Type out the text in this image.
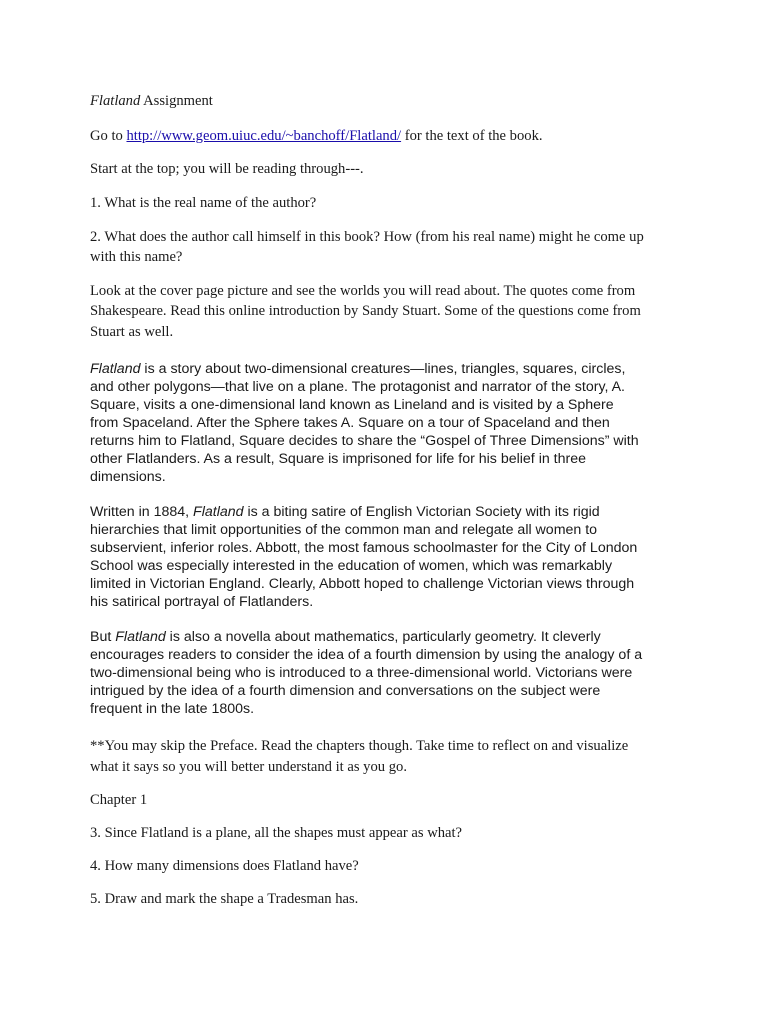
Flatland Assignment

Go to http://www.geom.uiuc.edu/~banchoff/Flatland/ for the text of the book.

Start at the top; you will be reading through---.

1. What is the real name of the author?

2. What does the author call himself in this book? How (from his real name) might he come up

with this name?

Look at the cover page picture and see the worlds you will read about. The quotes come from

Shakespeare. Read this online introduction by Sandy Stuart. Some of the questions come from

Stuart as well.

Flatland is a story about two-dimensional creatures—lines, triangles, squares, circles,

and other polygons—that live on a plane. The protagonist and narrator of the story, A.

Square, visits a one-dimensional land known as Lineland and is visited by a Sphere

from Spaceland. After the Sphere takes A. Square on a tour of Spaceland and then

returns him to Flatland, Square decides to share the “Gospel of Three Dimensions” with

other Flatlanders. As a result, Square is imprisoned for life for his belief in three

dimensions.

Written in 1884, Flatland is a biting satire of English Victorian Society with its rigid

hierarchies that limit opportunities of the common man and relegate all women to

subservient, inferior roles. Abbott, the most famous schoolmaster for the City of London

School was especially interested in the education of women, which was remarkably

limited in Victorian England. Clearly, Abbott hoped to challenge Victorian views through

his satirical portrayal of Flatlanders.

But Flatland is also a novella about mathematics, particularly geometry. It cleverly

encourages readers to consider the idea of a fourth dimension by using the analogy of a

two-dimensional being who is introduced to a three-dimensional world. Victorians were

intrigued by the idea of a fourth dimension and conversations on the subject were

frequent in the late 1800s.

**You may skip the Preface. Read the chapters though. Take time to reflect on and visualize

what it says so you will better understand it as you go.

Chapter 1

3. Since Flatland is a plane, all the shapes must appear as what?

4. How many dimensions does Flatland have?

5. Draw and mark the shape a Tradesman has.
